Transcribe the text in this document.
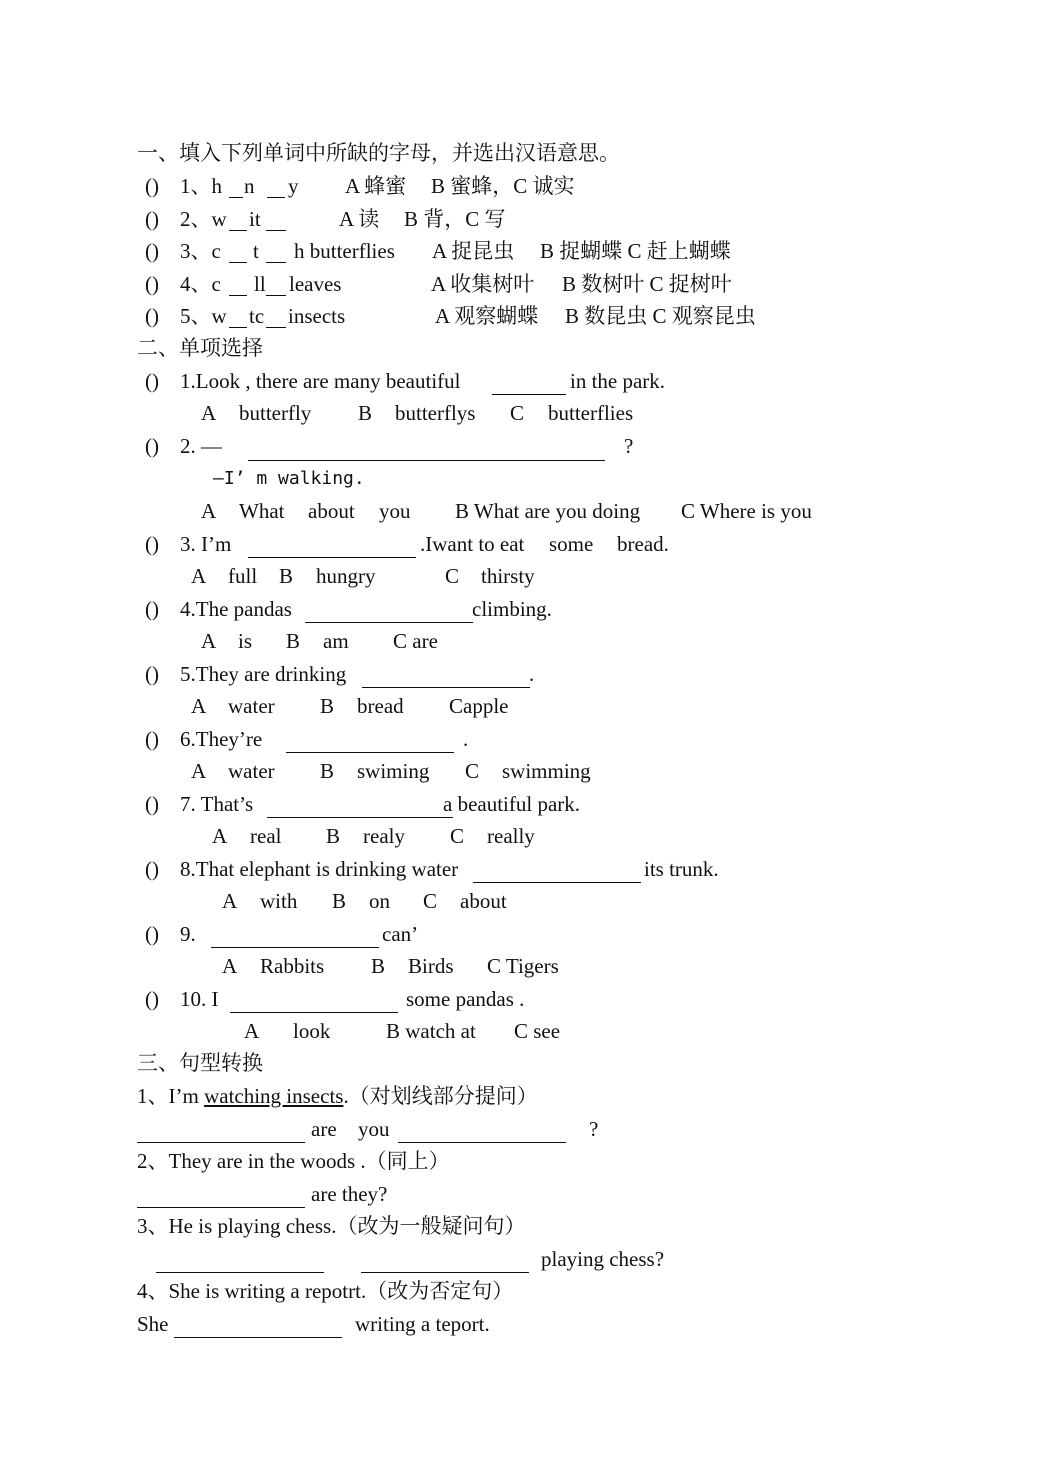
一、填入下列单词中所缺的字母，并选出汉语意思。
() 1、h n y A 蜂蜜 B 蜜蜂，C 诚实
() 2、w it	A 读 B 背，C 写
() 3、c t h butterflies A 捉昆虫 B 捉蝴蝶 C 赶上蝴蝶
() 4、c ll leaves	A 收集树叶 B 数树叶 C 捉树叶
() 5、w tc insects	A 观察蝴蝶 B 数昆虫 C 观察昆虫
二、单项选择
() 1.Look , there are many beautiful	in the park.
A butterfly B butterflys C butterflies
() 2. —	?
—I’ m walking.
A What about you B What are you doing C Where is you
() 3. I’m	.Iwant to eat some bread.
A full B hungry	C thirsty
() 4.The pandas	climbing.
A is B am C are
() 5.They are drinking	.
A water B bread Capple
() 6.They’re	.
A water B swiming C swimming
() 7. That’s	a beautiful park.
A real B realy C really
() 8.That elephant is drinking water	its trunk.
A with B on C about
() 9.	can’
A Rabbits B Birds C Tigers
() 10. I	some pandas .
A look	B watch at C see
三、句型转换
1、I’m watching insects.（对划线部分提问）
are you	?
2、They are in the woods .（同上）
are they?
3、He is playing chess.（改为一般疑问句）
playing chess?
4、She is writing a repotrt.（改为否定句）
She	writing a teport.
